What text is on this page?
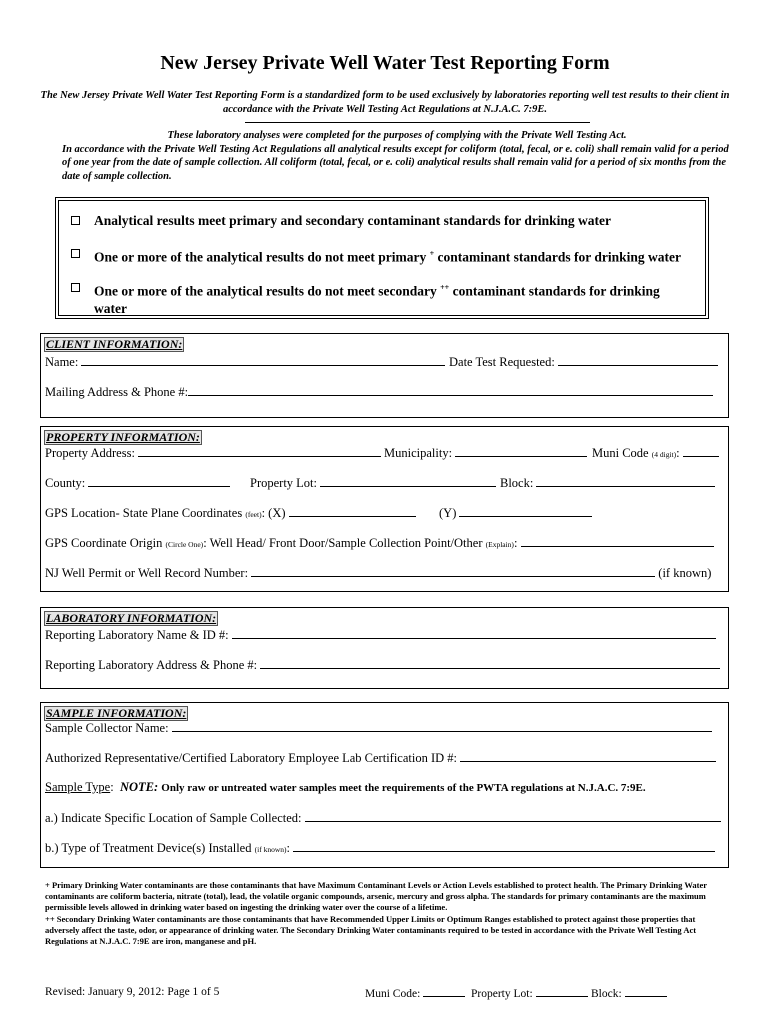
New Jersey Private Well Water Test Reporting Form
The New Jersey Private Well Water Test Reporting Form is a standardized form to be used exclusively by laboratories reporting well test results to their client in accordance with the Private Well Testing Act Regulations at N.J.A.C. 7:9E.
These laboratory analyses were completed for the purposes of complying with the Private Well Testing Act.
In accordance with the Private Well Testing Act Regulations all analytical results except for coliform (total, fecal, or e. coli) shall remain valid for a period of one year from the date of sample collection. All coliform (total, fecal, or e. coli) analytical results shall remain valid for a period of six months from the date of sample collection.
Analytical results meet primary and secondary contaminant standards for drinking water
One or more of the analytical results do not meet primary + contaminant standards for drinking water
One or more of the analytical results do not meet secondary ++ contaminant standards for drinking water
CLIENT INFORMATION:
Name:	Date Test Requested:
Mailing Address & Phone #:
PROPERTY INFORMATION:
Property Address:	Municipality:	Muni Code (4 digit):
County:	Property Lot:	Block:
GPS Location- State Plane Coordinates (feet): (X)	(Y)
GPS Coordinate Origin (Circle One): Well Head/ Front Door/Sample Collection Point/Other (Explain):
NJ Well Permit or Well Record Number:	(if known)
LABORATORY INFORMATION:
Reporting Laboratory Name & ID #:
Reporting Laboratory Address & Phone #:
SAMPLE INFORMATION:
Sample Collector Name:
Authorized Representative/Certified Laboratory Employee Lab Certification ID #:
Sample Type:  NOTE: Only raw or untreated water samples meet the requirements of the PWTA regulations at N.J.A.C. 7:9E.
a.) Indicate Specific Location of Sample Collected:
b.) Type of Treatment Device(s) Installed (if known):
+ Primary Drinking Water contaminants are those contaminants that have Maximum Contaminant Levels or Action Levels established to protect health. The Primary Drinking Water contaminants are coliform bacteria, nitrate (total), lead, the volatile organic compounds, arsenic, mercury and gross alpha. The standards for primary contaminants are the maximum permissible levels allowed in drinking water based on ingesting the drinking water over the course of a lifetime.
++ Secondary Drinking Water contaminants are those contaminants that have Recommended Upper Limits or Optimum Ranges established to protect against those properties that adversely affect the taste, odor, or appearance of drinking water. The Secondary Drinking Water contaminants required to be tested in accordance with the Private Well Testing Act Regulations at N.J.A.C. 7:9E are iron, manganese and pH.
Revised: January 9, 2012: Page 1 of 5	Muni Code:	Property Lot:	Block:
